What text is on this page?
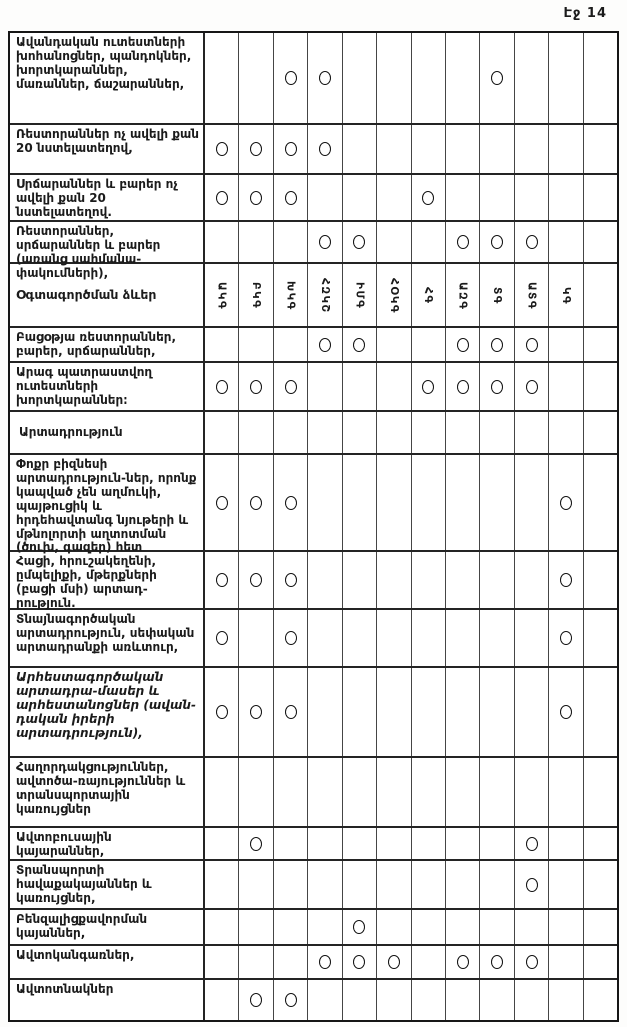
Էջ 14
Ավանդական ուտեստների խոհանոցներ, պանդոկներ, խորտկարաններ, մառաններ, ճաշարաններ,
Ռեստորաններ ոչ ավելի քան 20 նստելատեղով,
Սրճարաններ և բարեր ոչ ավելի քան 20 նստելատեղով.
Ռեստորաններ, սրճարաններ և բարեր (առանց սահմանա-փակումների),
Օգտագործման ձևեր	ԱԿԳ ԲԿԳ ԽԿԳ ՀԶԿՇ ԻՄԳ ՀՕԿԳ ՀԳ ԱԶԳ ՏԳ ԱՏԳ ԿԳ
Բացօթյա ռեստորաններ, բարեր, սրճարաններ,
Արագ պատրաստվող ուտեստների խորտկարաններ։
Արտադրություն
Փոքր բիզնեսի արտադրություն-ներ, որոնք կապված չեն աղմուկի, պայթուցիկ և հրդեհավտանգ նյութերի և մթնոլորտի աղտոտման (ծուխ, գազեր) հետ
Հացի, հրուշակեղենի, ըմպելիքի, մթերքների (բացի մսի) արտադ-րություն.
Տնայնագործական արտադրություն, սեփական արտադրանքի առևտուր,
Արհեստագործական արտադրա-մասեր և արհեստանոցներ (ավան-դական իրերի արտադրություն),
Հաղորդակցություններ, ավտոծա-ռայություններ և տրանսպորտային կառույցներ
Ավտոբուսային կայարաններ,
Տրանսպորտի հավաքակայաններ և կառույցներ,
Բենզալիցքավորման կայաններ,
Ավտոկանգառներ,
Ավտոտնակներ
